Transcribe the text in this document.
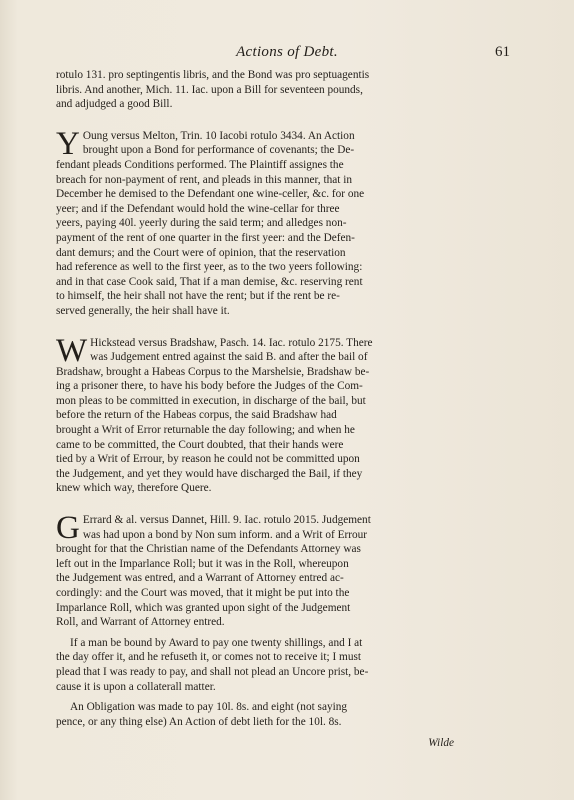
Actions of Debt.	61
rotulo 131. pro septingentis libris, and the Bond was pro septuagentis
libris. And another, Mich. 11. Iac. upon a Bill for seventeen pounds,
and adjudged a good Bill.
Y Oung versus Melton, Trin. 10 Iacobi rotulo 3434. An Action
brought upon a Bond for performance of covenants; the De-
fendant pleads Conditions performed. The Plaintiff assignes the
breach for non-payment of rent, and pleads in this manner, that in
December he demised to the Defendant one wine-celler, &c. for one
yeer; and if the Defendant would hold the wine-cellar for three
yeers, paying 40l. yeerly during the said term; and alledges non-
payment of the rent of one quarter in the first yeer: and the Defen-
dant demurs; and the Court were of opinion, that the reservation
had reference as well to the first yeer, as to the two yeers following:
and in that case Cook said, That if a man demise, &c. reserving rent
to himself, the heir shall not have the rent; but if the rent be re-
served generally, the heir shall have it.
W Hickstead versus Bradshaw, Pasch. 14. Iac. rotulo 2175. There
was Judgement entred against the said B. and after the bail of
Bradshaw, brought a Habeas Corpus to the Marshelsie, Bradshaw be-
ing a prisoner there, to have his body before the Judges of the Com-
mon pleas to be committed in execution, in discharge of the bail, but
before the return of the Habeas corpus, the said Bradshaw had
brought a Writ of Error returnable the day following; and when he
came to be committed, the Court doubted, that their hands were
tied by a Writ of Errour, by reason he could not be committed upon
the Judgement, and yet they would have discharged the Bail, if they
knew which way, therefore Quere.
G Errard & al. versus Dannet, Hill. 9. Iac. rotulo 2015. Judgement
was had upon a bond by Non sum inform. and a Writ of Errour
brought for that the Christian name of the Defendants Attorney was
left out in the Imparlance Roll; but it was in the Roll, whereupon
the Judgement was entred, and a Warrant of Attorney entred ac-
cordingly: and the Court was moved, that it might be put into the
Imparlance Roll, which was granted upon sight of the Judgement
Roll, and Warrant of Attorney entred.
If a man be bound by Award to pay one twenty shillings, and I at
the day offer it, and he refuseth it, or comes not to receive it; I must
plead that I was ready to pay, and shall not plead an Uncore prist, be-
cause it is upon a collaterall matter.
An Obligation was made to pay 10l. 8s. and eight (not saying
pence, or any thing else) An Action of debt lieth for the 10l. 8s.
Wilde
